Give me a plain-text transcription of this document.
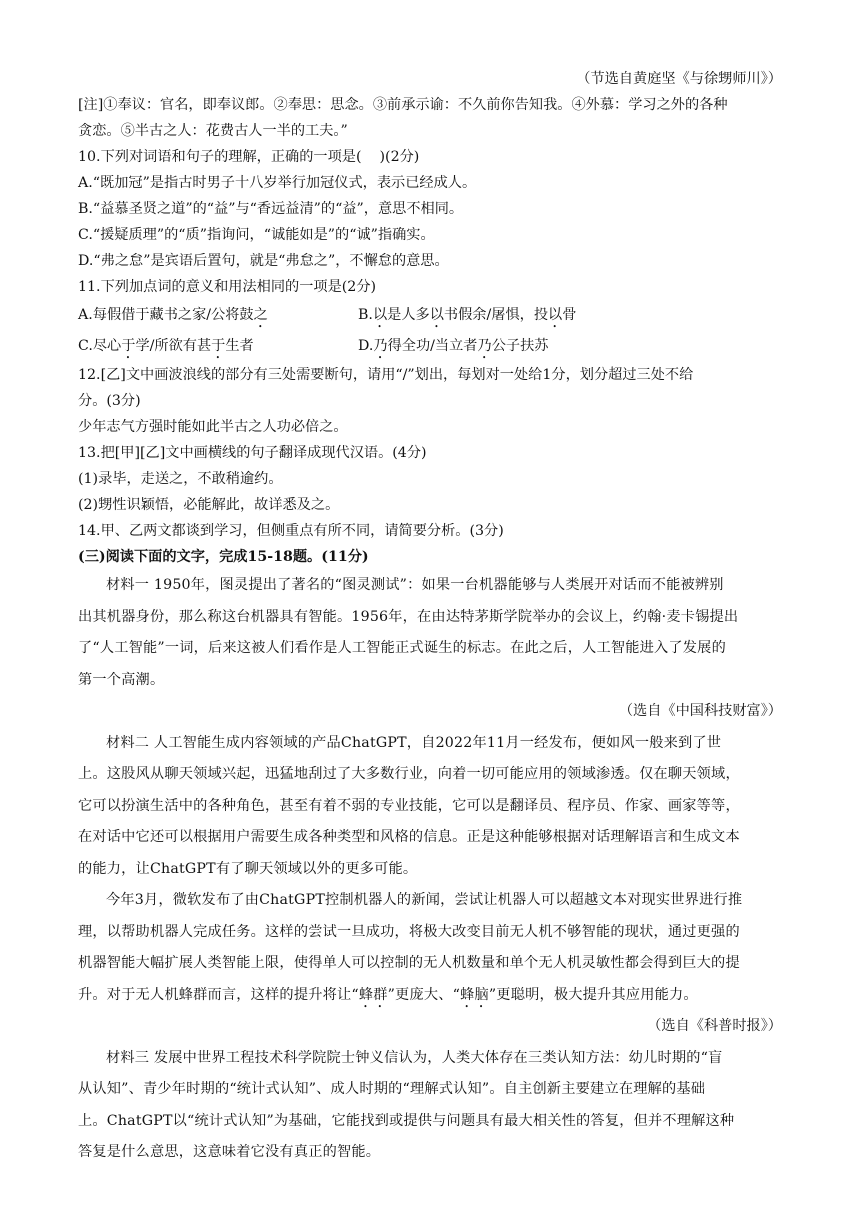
（节选自黄庭坚《与徐甥师川》）
[注]①奉议：官名，即奉议郎。②奉思：思念。③前承示谕：不久前你告知我。④外慕：学习之外的各种
贪恋。⑤半古之人：花费古人一半的工夫。”
10.下列对词语和句子的理解，正确的一项是(    )(2分)
A.“既加冠”是指古时男子十八岁举行加冠仪式，表示已经成人。
B.“益慕圣贤之道”的“益”与“香远益清”的“益”，意思不相同。
C.“援疑质理”的“质”指询问，“诚能如是”的“诚”指确实。
D.“弗之怠”是宾语后置句，就是“弗怠之”，不懈怠的意思。
11.下列加点词的意义和用法相同的一项是(2分)
A.每假借于藏书之家/公将鼓之	B.以是人多以书假余/屠惧，投以骨
C.尽心于学/所欲有甚于生者	D.乃得全功/当立者乃公子扶苏
12.[乙]文中画波浪线的部分有三处需要断句，请用“/”划出，每划对一处给1分，划分超过三处不给
分。(3分)
少年志气方强时能如此半古之人功必倍之。
13.把[甲][乙]文中画横线的句子翻译成现代汉语。(4分)
(1)录毕，走送之，不敢稍逾约。
(2)甥性识颖悟，必能解此，故详悉及之。
14.甲、乙两文都谈到学习，但侧重点有所不同，请简要分析。(3分)
(三)阅读下面的文字，完成15-18题。(11分)
材料一 1950年，图灵提出了著名的“图灵测试”：如果一台机器能够与人类展开对话而不能被辨别
出其机器身份，那么称这台机器具有智能。1956年，在由达特茅斯学院举办的会议上，约翰·麦卡锡提出
了“人工智能”一词，后来这被人们看作是人工智能正式诞生的标志。在此之后，人工智能进入了发展的
第一个高潮。
（选自《中国科技财富》）
材料二 人工智能生成内容领域的产品ChatGPT，自2022年11月一经发布，便如风一般来到了世
上。这股风从聊天领域兴起，迅猛地刮过了大多数行业，向着一切可能应用的领域渗透。仅在聊天领域，
它可以扮演生活中的各种角色，甚至有着不弱的专业技能，它可以是翻译员、程序员、作家、画家等等，
在对话中它还可以根据用户需要生成各种类型和风格的信息。正是这种能够根据对话理解语言和生成文本
的能力，让ChatGPT有了聊天领域以外的更多可能。
今年3月，微软发布了由ChatGPT控制机器人的新闻，尝试让机器人可以超越文本对现实世界进行推
理，以帮助机器人完成任务。这样的尝试一旦成功，将极大改变目前无人机不够智能的现状，通过更强的
机器智能大幅扩展人类智能上限，使得单人可以控制的无人机数量和单个无人机灵敏性都会得到巨大的提
升。对于无人机蜂群而言，这样的提升将让“蜂群”更庞大、“蜂脑”更聪明，极大提升其应用能力。
（选自《科普时报》）
材料三 发展中世界工程技术科学院院士钟义信认为，人类大体存在三类认知方法：幼儿时期的“盲
从认知”、青少年时期的“统计式认知”、成人时期的“理解式认知”。自主创新主要建立在理解的基础
上。ChatGPT以“统计式认知”为基础，它能找到或提供与问题具有最大相关性的答复，但并不理解这种
答复是什么意思，这意味着它没有真正的智能。
